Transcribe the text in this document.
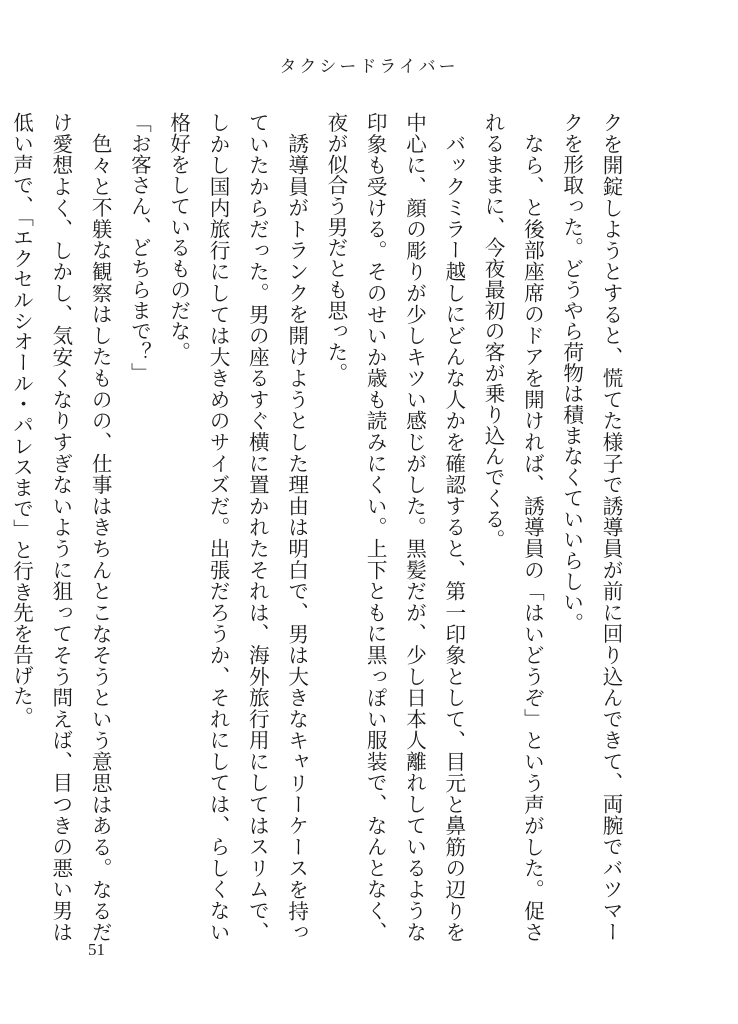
タクシードライバー

クを開錠しようとすると、慌てた様子で誘導員が前に回り込んできて、両腕でバツマークを形取った。どうやら荷物は積まなくていいらしい。

なら、と後部座席のドアを開ければ、誘導員の「はいどうぞ」という声がした。促されるままに、今夜最初の客が乗り込んでくる。

バックミラー越しにどんな人かを確認すると、第一印象として、目元と鼻筋の辺りを中心に、顔の彫りが少しキツい感じがした。黒髪だが、少し日本人離れしているような印象も受ける。そのせいか歳も読みにくい。上下ともに黒っぽい服装で、なんとなく、夜が似合う男だとも思った。

誘導員がトランクを開けようとした理由は明白で、男は大きなキャリーケースを持っていたからだった。男の座るすぐ横に置かれたそれは、海外旅行用にしてはスリムで、しかし国内旅行にしては大きめのサイズだ。出張だろうか、それにしては、らしくない格好をしているものだな。

「お客さん、どちらまで？」

色々と不躾な観察はしたものの、仕事はきちんとこなそうという意思はある。なるだけ愛想よく、しかし、気安くなりすぎないように狙ってそう問えば、目つきの悪い男は低い声で、「エクセルシオール・パレスまで」と行き先を告げた。

51
